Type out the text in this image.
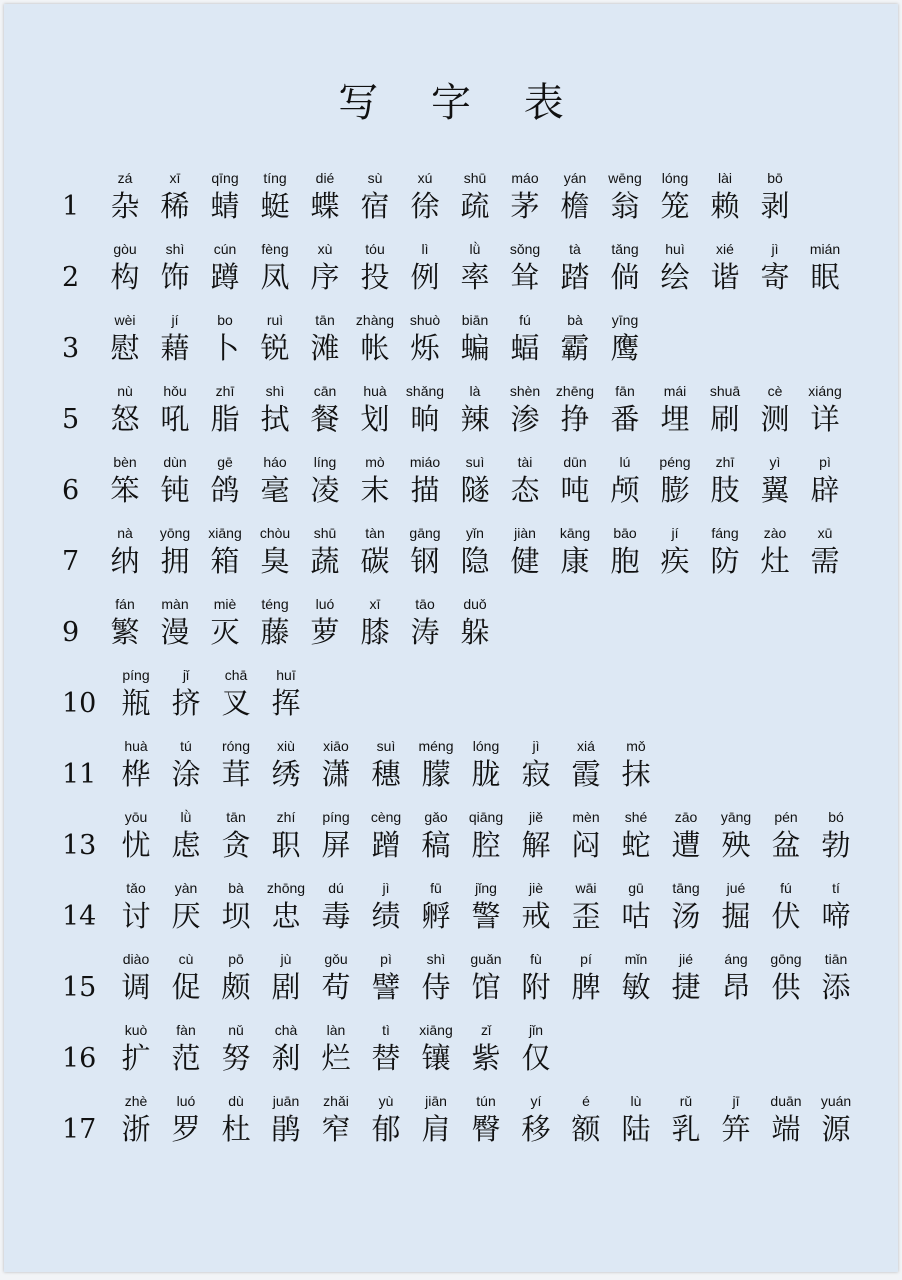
写 字 表
1
zá
杂
xī
稀
qīng
蜻
tíng
蜓
dié
蝶
sù
宿
xú
徐
shū
疏
máo
茅
yán
檐
wēng
翁
lóng
笼
lài
赖
bō
剥
2
gòu
构
shì
饰
cún
蹲
fèng
凤
xù
序
tóu
投
lì
例
lǜ
率
sǒng
耸
tà
踏
tǎng
倘
huì
绘
xié
谐
jì
寄
mián
眠
3
wèi
慰
jí
藉
bo
卜
ruì
锐
tān
滩
zhàng
帐
shuò
烁
biān
蝙
fú
蝠
bà
霸
yīng
鹰
5
nù
怒
hǒu
吼
zhī
脂
shì
拭
cān
餐
huà
划
shǎng
晌
là
辣
shèn
渗
zhēng
挣
fān
番
mái
埋
shuā
刷
cè
测
xiáng
详
6
bèn
笨
dùn
钝
gē
鸽
háo
毫
líng
凌
mò
末
miáo
描
suì
隧
tài
态
dūn
吨
lú
颅
péng
膨
zhī
肢
yì
翼
pì
辟
7
nà
纳
yōng
拥
xiāng
箱
chòu
臭
shū
蔬
tàn
碳
gāng
钢
yǐn
隐
jiàn
健
kāng
康
bāo
胞
jí
疾
fáng
防
zào
灶
xū
需
9
fán
繁
màn
漫
miè
灭
téng
藤
luó
萝
xī
膝
tāo
涛
duǒ
躲
10
píng
瓶
jǐ
挤
chā
叉
huī
挥
11
huà
桦
tú
涂
róng
茸
xiù
绣
xiāo
潇
suì
穗
méng
朦
lóng
胧
jì
寂
xiá
霞
mǒ
抹
13
yōu
忧
lǜ
虑
tān
贪
zhí
职
píng
屏
cèng
蹭
gǎo
稿
qiāng
腔
jiě
解
mèn
闷
shé
蛇
zāo
遭
yāng
殃
pén
盆
bó
勃
14
tǎo
讨
yàn
厌
bà
坝
zhōng
忠
dú
毒
jì
绩
fū
孵
jǐng
警
jiè
戒
wāi
歪
gū
咕
tāng
汤
jué
掘
fú
伏
tí
啼
15
diào
调
cù
促
pō
颇
jù
剧
gǒu
苟
pì
譬
shì
侍
guǎn
馆
fù
附
pí
脾
mǐn
敏
jié
捷
áng
昂
gōng
供
tiān
添
16
kuò
扩
fàn
范
nǔ
努
chà
刹
làn
烂
tì
替
xiāng
镶
zǐ
紫
jǐn
仅
17
zhè
浙
luó
罗
dù
杜
juān
鹃
zhǎi
窄
yù
郁
jiān
肩
tún
臀
yí
移
é
额
lù
陆
rǔ
乳
jī
笄
duān
端
yuán
源
